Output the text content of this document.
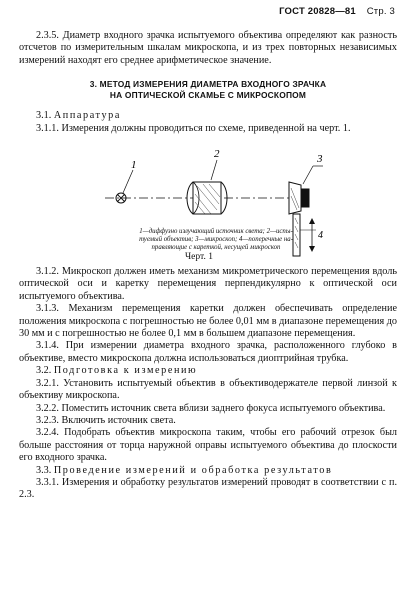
ГОСТ 20828—81 Стр. 3

2.3.5. Диаметр входного зрачка испытуемого объектива определяют как разность отсчетов по измерительным шкалам микроскопа, и из трех повторных независимых измерений находят его среднее арифметическое значение.

3. МЕТОД ИЗМЕРЕНИЯ ДИАМЕТРА ВХОДНОГО ЗРАЧКА
НА ОПТИЧЕСКОЙ СКАМЬЕ С МИКРОСКОПОМ

3.1. Аппаратура

3.1.1. Измерения должны проводиться по схеме, приведенной на черт. 1.

1
2	3
4
1—диффузно излучающий источник света; 2—испы-
туемый объектив; 3—микроскоп; 4—поперечные на-
правляющие с кареткой, несущей микроскоп
Черт. 1

3.1.2. Микроскоп должен иметь механизм микрометрического перемещения вдоль оптической оси и каретку перемещения перпендикулярно к оптической оси испытуемого объектива.

3.1.3. Механизм перемещения каретки должен обеспечивать определение положения микроскопа с погрешностью не более 0,01 мм в диапазоне перемещения до 30 мм и с погрешностью не более 0,1 мм в большем диапазоне перемещения.

3.1.4. При измерении диаметра входного зрачка, расположенного глубоко в объективе, вместо микроскопа должна использоваться диоптрийная трубка.

3.2. Подготовка к измерению

3.2.1. Установить испытуемый объектив в объективодержателе первой линзой к объективу микроскопа.

3.2.2. Поместить источник света вблизи заднего фокуса испытуемого объектива.

3.2.3. Включить источник света.

3.2.4. Подобрать объектив микроскопа таким, чтобы его рабочий отрезок был больше расстояния от торца наружной оправы испытуемого объектива до плоскости его входного зрачка.

3.3. Проведение измерений и обработка результатов

3.3.1. Измерения и обработку результатов измерений проводят в соответствии с п. 2.3.
